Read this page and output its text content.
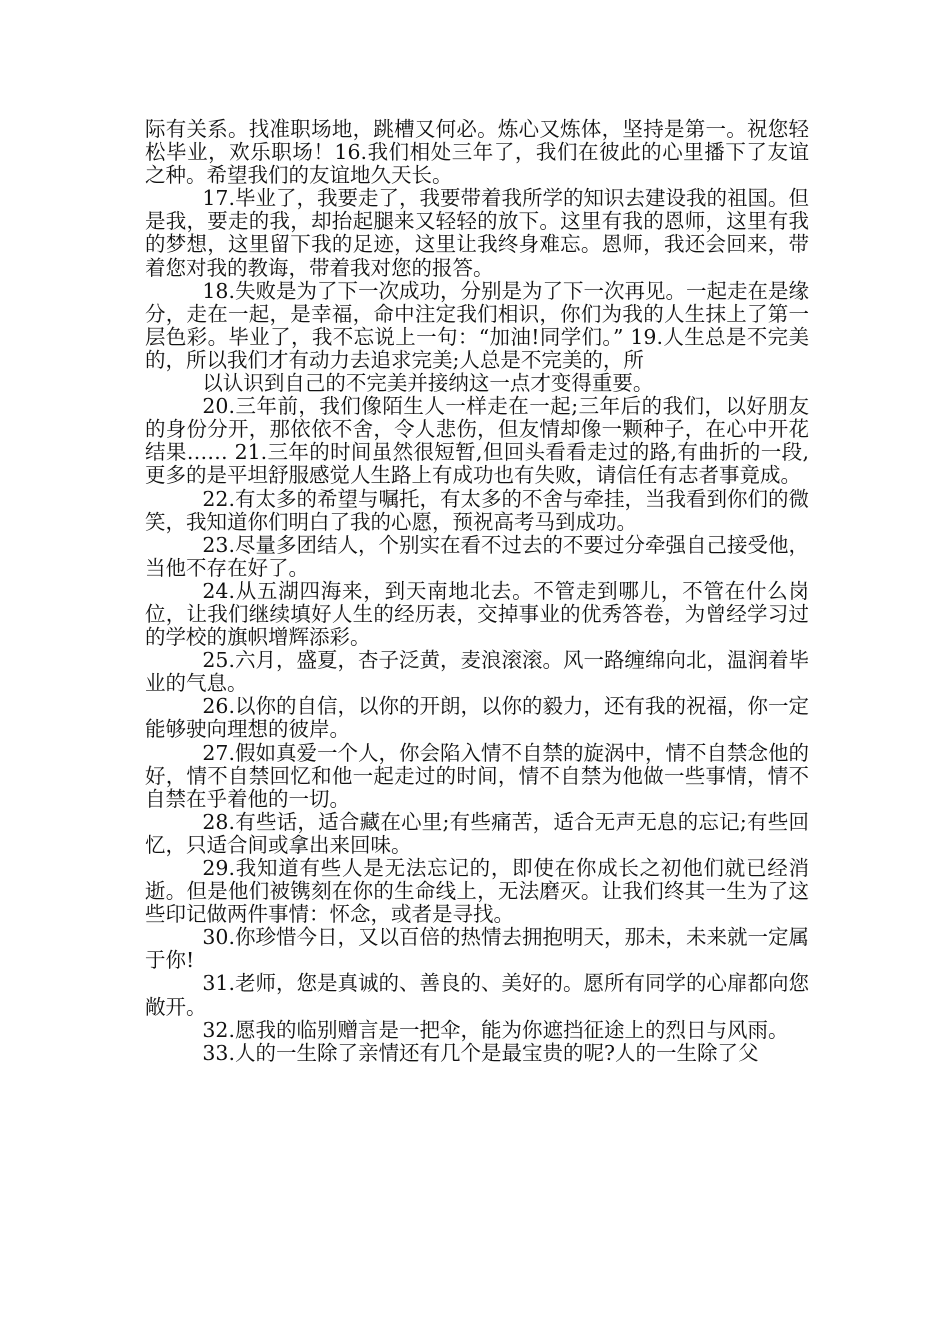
际有关系。找准职场地，跳槽又何必。炼心又炼体，坚持是第一。祝您轻松毕业，欢乐职场！16.我们相处三年了，我们在彼此的心里播下了友谊之种。希望我们的友谊地久天长。

17.毕业了，我要走了，我要带着我所学的知识去建设我的祖国。但是我，要走的我，却抬起腿来又轻轻的放下。这里有我的恩师，这里有我的梦想，这里留下我的足迹，这里让我终身难忘。恩师，我还会回来，带着您对我的教诲，带着我对您的报答。

18.失败是为了下一次成功，分别是为了下一次再见。一起走在是缘分，走在一起，是幸福，命中注定我们相识，你们为我的人生抹上了第一层色彩。毕业了，我不忘说上一句：“加油!同学们。” 19.人生总是不完美的，所以我们才有动力去追求完美;人总是不完美的，所

以认识到自己的不完美并接纳这一点才变得重要。

20.三年前，我们像陌生人一样走在一起;三年后的我们，以好朋友的身份分开，那依依不舍，令人悲伤，但友情却像一颗种子，在心中开花结果…… 21.三年的时间虽然很短暂,但回头看看走过的路,有曲折的一段,更多的是平坦舒服感觉人生路上有成功也有失败，请信任有志者事竟成。

22.有太多的希望与嘱托，有太多的不舍与牵挂，当我看到你们的微笑，我知道你们明白了我的心愿，预祝高考马到成功。

23.尽量多团结人，个别实在看不过去的不要过分牵强自己接受他，当他不存在好了。

24.从五湖四海来，到天南地北去。不管走到哪儿，不管在什么岗位，让我们继续填好人生的经历表，交掉事业的优秀答卷，为曾经学习过的学校的旗帜增辉添彩。

25.六月，盛夏，杏子泛黄，麦浪滚滚。风一路缠绵向北，温润着毕业的气息。

26.以你的自信，以你的开朗，以你的毅力，还有我的祝福，你一定能够驶向理想的彼岸。

27.假如真爱一个人，你会陷入情不自禁的旋涡中，情不自禁念他的好，情不自禁回忆和他一起走过的时间，情不自禁为他做一些事情，情不自禁在乎着他的一切。

28.有些话，适合藏在心里;有些痛苦，适合无声无息的忘记;有些回忆，只适合间或拿出来回味。

29.我知道有些人是无法忘记的，即使在你成长之初他们就已经消逝。但是他们被镌刻在你的生命线上，无法磨灭。让我们终其一生为了这些印记做两件事情：怀念，或者是寻找。

30.你珍惜今日，又以百倍的热情去拥抱明天，那未，未来就一定属于你!

31.老师，您是真诚的、善良的、美好的。愿所有同学的心扉都向您敞开。

32.愿我的临别赠言是一把伞，能为你遮挡征途上的烈日与风雨。

33.人的一生除了亲情还有几个是最宝贵的呢?人的一生除了父
